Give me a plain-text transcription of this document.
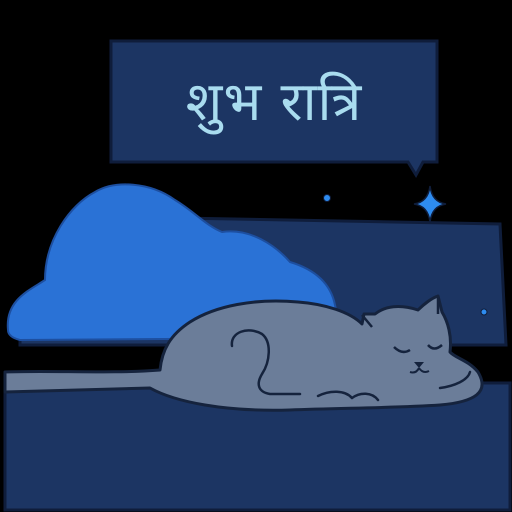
शुभ रात्रि
